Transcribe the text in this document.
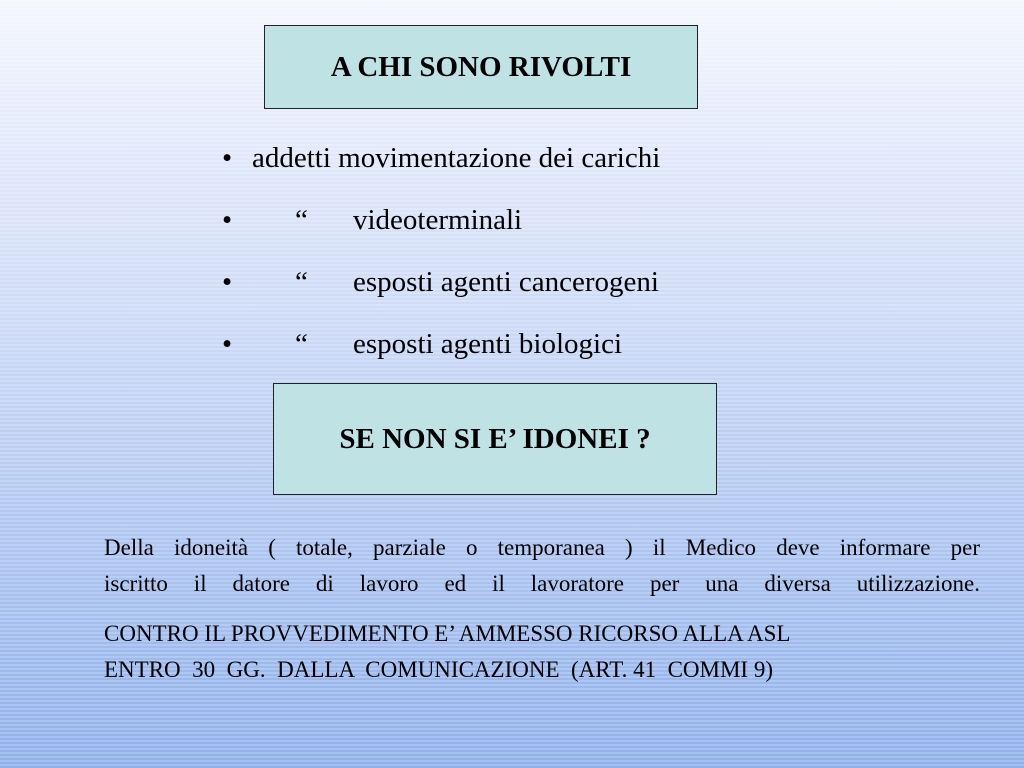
A CHI SONO RIVOLTI
• addetti movimentazione dei carichi
• “ videoterminali
• “ esposti agenti cancerogeni
• “ esposti agenti biologici
SE NON SI E’ IDONEI ?

Della idoneità ( totale, parziale o temporanea ) il Medico deve informare per
iscritto il datore di lavoro ed il lavoratore per una diversa utilizzazione.

CONTRO IL PROVVEDIMENTO E’ AMMESSO RICORSO ALLA ASL
ENTRO  30  GG.  DALLA  COMUNICAZIONE  (ART. 41  COMMI 9)
